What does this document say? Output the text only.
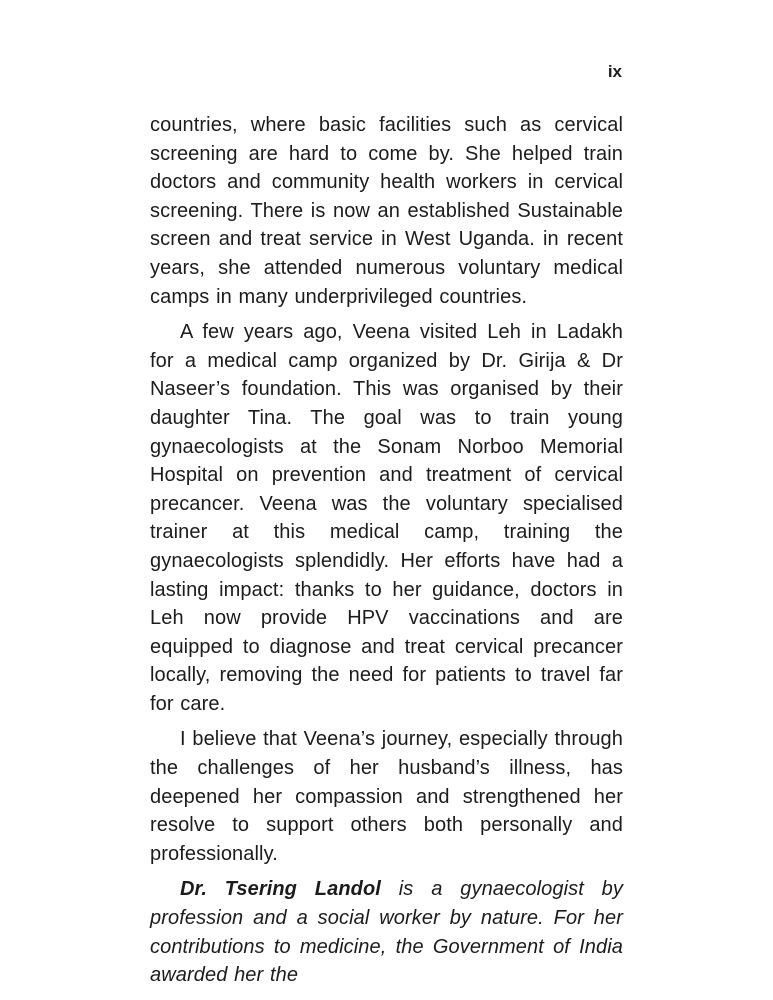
ix

countries, where basic facilities such as cervical screening are hard to come by. She helped train doctors and community health workers in cervical screening. There is now an established Sustainable screen and treat service in West Uganda. in recent years, she attended numerous voluntary medical camps in many underprivileged countries.

A few years ago, Veena visited Leh in Ladakh for a medical camp organized by Dr. Girija & Dr Naseer’s foundation. This was organised by their daughter Tina. The goal was to train young gynaecologists at the Sonam Norboo Memorial Hospital on prevention and treatment of cervical precancer. Veena was the voluntary specialised trainer at this medical camp, training the gynaecologists splendidly. Her efforts have had a lasting impact: thanks to her guidance, doctors in Leh now provide HPV vaccinations and are equipped to diagnose and treat cervical precancer locally, removing the need for patients to travel far for care.

I believe that Veena’s journey, especially through the challenges of her husband’s illness, has deepened her compassion and strengthened her resolve to support others both personally and professionally.

Dr. Tsering Landol is a gynaecologist by profession and a social worker by nature. For her contributions to medicine, the Government of India awarded her the
